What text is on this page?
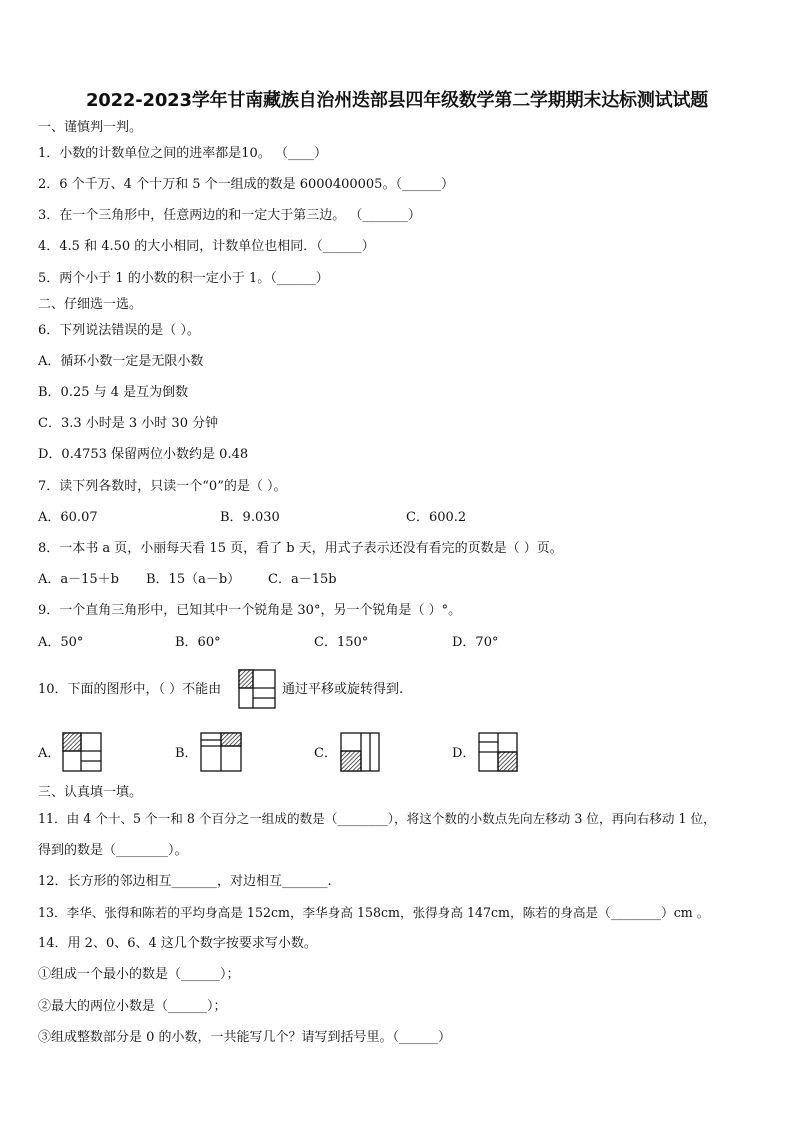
2022-2023学年甘南藏族自治州迭部县四年级数学第二学期期末达标测试试题
一、谨慎判一判。
1．小数的计数单位之间的进率都是10。 （____）
2．6 个千万、4 个十万和 5 个一组成的数是 6000400005。（______）
3．在一个三角形中，任意两边的和一定大于第三边。 （_______）
4．4.5 和 4.50 的大小相同，计数单位也相同．（______）
5．两个小于 1 的小数的积一定小于 1。（______）
二、仔细选一选。
6．下列说法错误的是（ ）。
A．循环小数一定是无限小数
B．0.25 与 4 是互为倒数
C．3.3 小时是 3 小时 30 分钟
D．0.4753 保留两位小数约是 0.48
7．读下列各数时，只读一个“0”的是（ ）。
A．60.07	B．9.030	C．600.2
8．一本书 a 页，小丽每天看 15 页，看了 b 天，用式子表示还没有看完的页数是（ ）页。
A．a－15＋b B．15（a－b） C．a－15b
9．一个直角三角形中，已知其中一个锐角是 30°，另一个锐角是（ ）°。
A．50°	B．60°	C．150°	D．70°
10．下面的图形中，（ ）不能由	通过平移或旋转得到.
A．	B．	C．	D．
三、认真填一填。
11．由 4 个十、5 个一和 8 个百分之一组成的数是（________），将这个数的小数点先向左移动 3 位，再向右移动 1 位，
得到的数是（________）。
12．长方形的邻边相互_______，对边相互_______.
13．李华、张得和陈若的平均身高是 152cm，李华身高 158cm，张得身高 147cm，陈若的身高是（________）cm 。
14．用 2、0、6、4 这几个数字按要求写小数。
①组成一个最小的数是（______）；
②最大的两位小数是（______）；
③组成整数部分是 0 的小数，一共能写几个？请写到括号里。（______）
